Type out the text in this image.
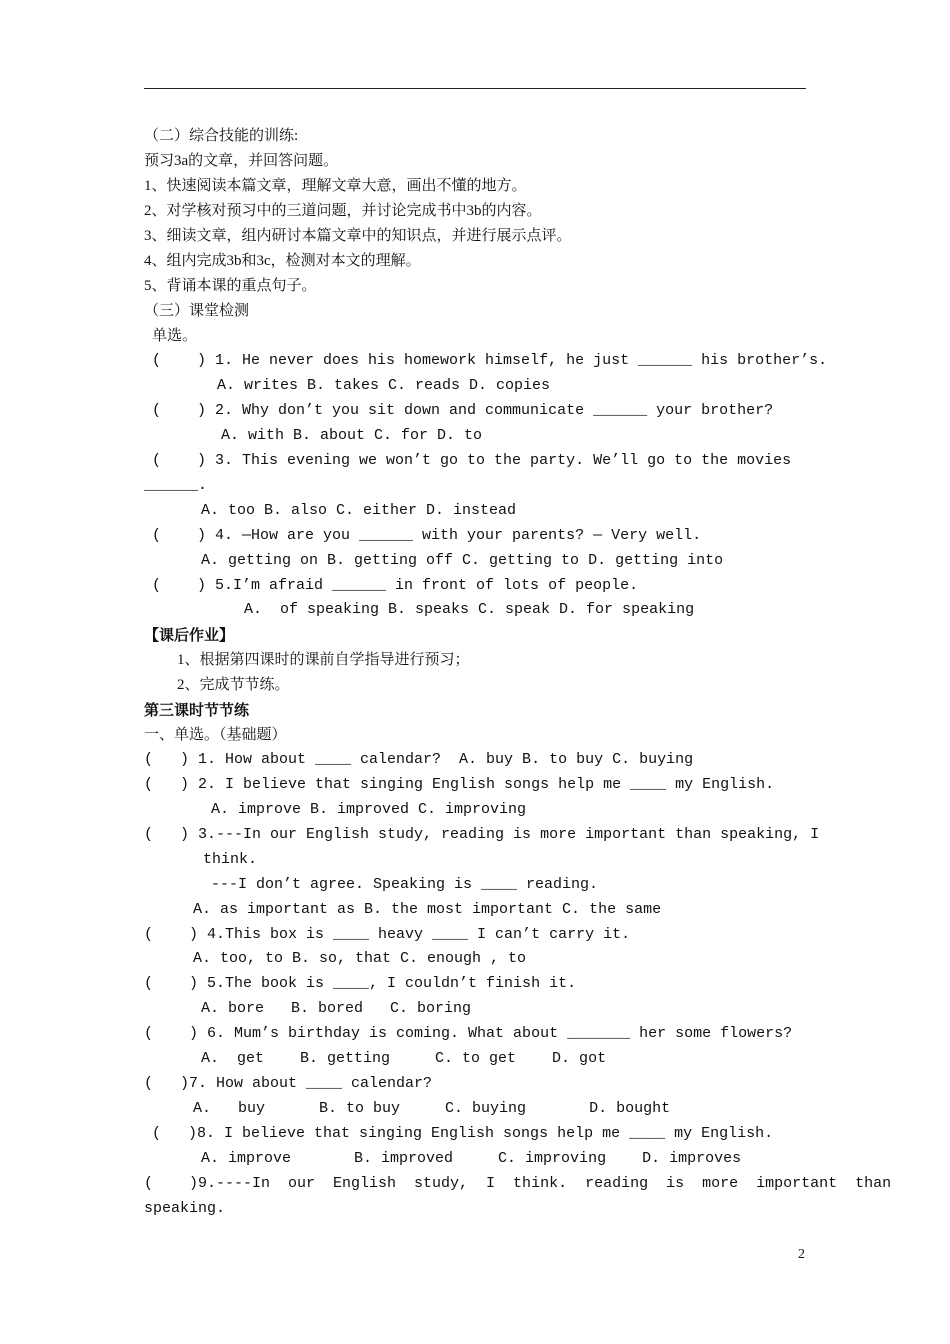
（二）综合技能的训练:
预习3a的文章，并回答问题。
1、快速阅读本篇文章，理解文章大意，画出不懂的地方。
2、对学核对预习中的三道问题，并讨论完成书中3b的内容。
3、细读文章，组内研讨本篇文章中的知识点，并进行展示点评。
4、组内完成3b和3c，检测对本文的理解。
5、背诵本课的重点句子。
（三）课堂检测
单选。
(    ) 1. He never does his homework himself, he just ______ his brother’s.
A. writes B. takes C. reads D. copies
(    ) 2. Why don’t you sit down and communicate ______ your brother?
A. with B. about C. for D. to
(    ) 3. This evening we won’t go to the party. We’ll go to the movies
______.
A. too B. also C. either D. instead
(    ) 4. —How are you ______ with your parents? — Very well.
A. getting on B. getting off C. getting to D. getting into
(    ) 5.I’m afraid ______ in front of lots of people.
A.  of speaking B. speaks C. speak D. for speaking
【课后作业】
1、根据第四课时的课前自学指导进行预习；
2、完成节节练。
第三课时节节练
一、单选。（基础题）
(   ) 1. How about ____ calendar?  A. buy B. to buy C. buying
(   ) 2. I believe that singing English songs help me ____ my English.
A. improve B. improved C. improving
(   ) 3.---In our English study, reading is more important than speaking, I
think.
---I don’t agree. Speaking is ____ reading.
A. as important as B. the most important C. the same
(    ) 4.This box is ____ heavy ____ I can’t carry it.
A. too, to B. so, that C. enough , to
(    ) 5.The book is ____, I couldn’t finish it.
A. bore   B. bored   C. boring
(    ) 6. Mum’s birthday is coming. What about _______ her some flowers?
A.  get    B. getting     C. to get    D. got
(   )7. How about ____ calendar?
A.   buy      B. to buy     C. buying       D. bought
(   )8. I believe that singing English songs help me ____ my English.
A. improve       B. improved     C. improving    D. improves
(    )9.----In  our  English  study,  I  think.  reading  is  more  important  than
speaking.
2
